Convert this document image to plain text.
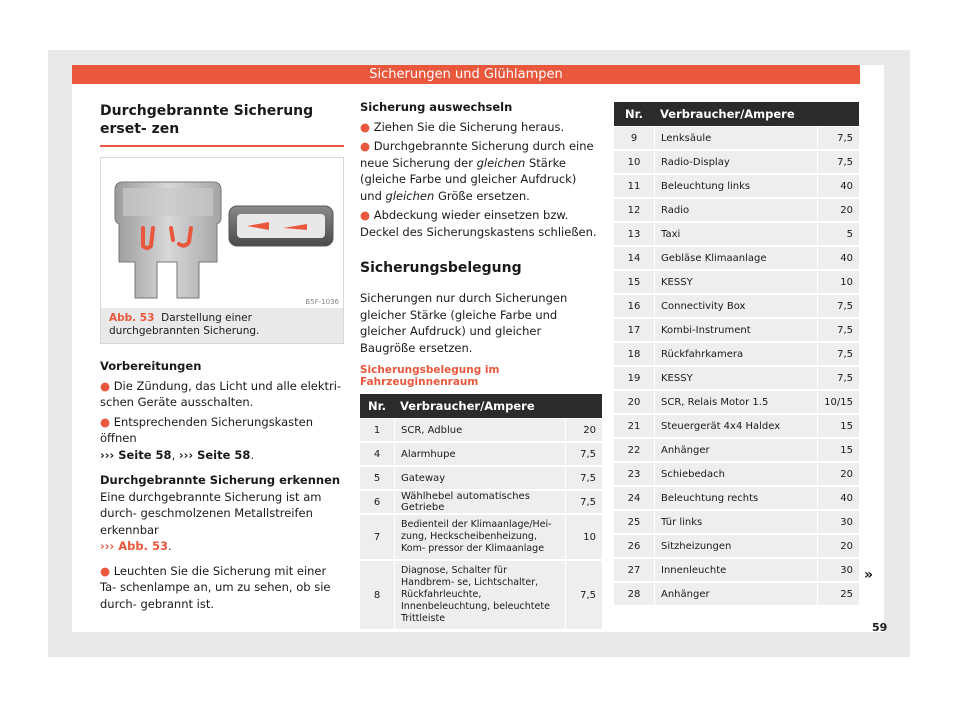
Sicherungen und Glühlampen

Durchgebrannte Sicherung erset- zen

B5F-1036
Abb. 53 Darstellung einer durchgebrannten Sicherung.

Vorbereitungen

● Die Zündung, das Licht und alle elektri- schen Geräte ausschalten.

● Entsprechenden Sicherungskasten öffnen
››› Seite 58, ››› Seite 58.

Durchgebrannte Sicherung erkennen

Eine durchgebrannte Sicherung ist am durch- geschmolzenen Metallstreifen erkennbar
››› Abb. 53.

● Leuchten Sie die Sicherung mit einer Ta- schenlampe an, um zu sehen, ob sie durch- gebrannt ist.

Sicherung auswechseln

● Ziehen Sie die Sicherung heraus.

● Durchgebrannte Sicherung durch eine neue Sicherung der gleichen Stärke (gleiche Farbe und gleicher Aufdruck) und gleichen Größe ersetzen.

● Abdeckung wieder einsetzen bzw. Deckel des Sicherungskastens schließen.

Sicherungsbelegung

Sicherungen nur durch Sicherungen gleicher Stärke (gleiche Farbe und gleicher Aufdruck) und gleicher Baugröße ersetzen.

Sicherungsbelegung im Fahrzeuginnenraum

Nr.	Verbraucher/Ampere	
1	SCR, Adblue	20
4	Alarmhupe	7,5
5	Gateway	7,5
6	Wählhebel automatisches Getriebe	7,5
7	Bedienteil der Klimaanlage/Hei- zung, Heckscheibenheizung, Kom- pressor der Klimaanlage	10
8	Diagnose, Schalter für Handbrem- se, Lichtschalter, Rückfahrleuchte, Innenbeleuchtung, beleuchtete Trittleiste	7,5
Nr.	Verbraucher/Ampere	
9	Lenksäule	7,5
10	Radio-Display	7,5
11	Beleuchtung links	40
12	Radio	20
13	Taxi	5
14	Gebläse Klimaanlage	40
15	KESSY	10
16	Connectivity Box	7,5
17	Kombi-Instrument	7,5
18	Rückfahrkamera	7,5
19	KESSY	7,5
20	SCR, Relais Motor 1.5	10/15
21	Steuergerät 4x4 Haldex	15
22	Anhänger	15
23	Schiebedach	20
24	Beleuchtung rechts	40
25	Tür links	30
26	Sitzheizungen	20
27	Innenleuchte	30
28	Anhänger	25
»
59
